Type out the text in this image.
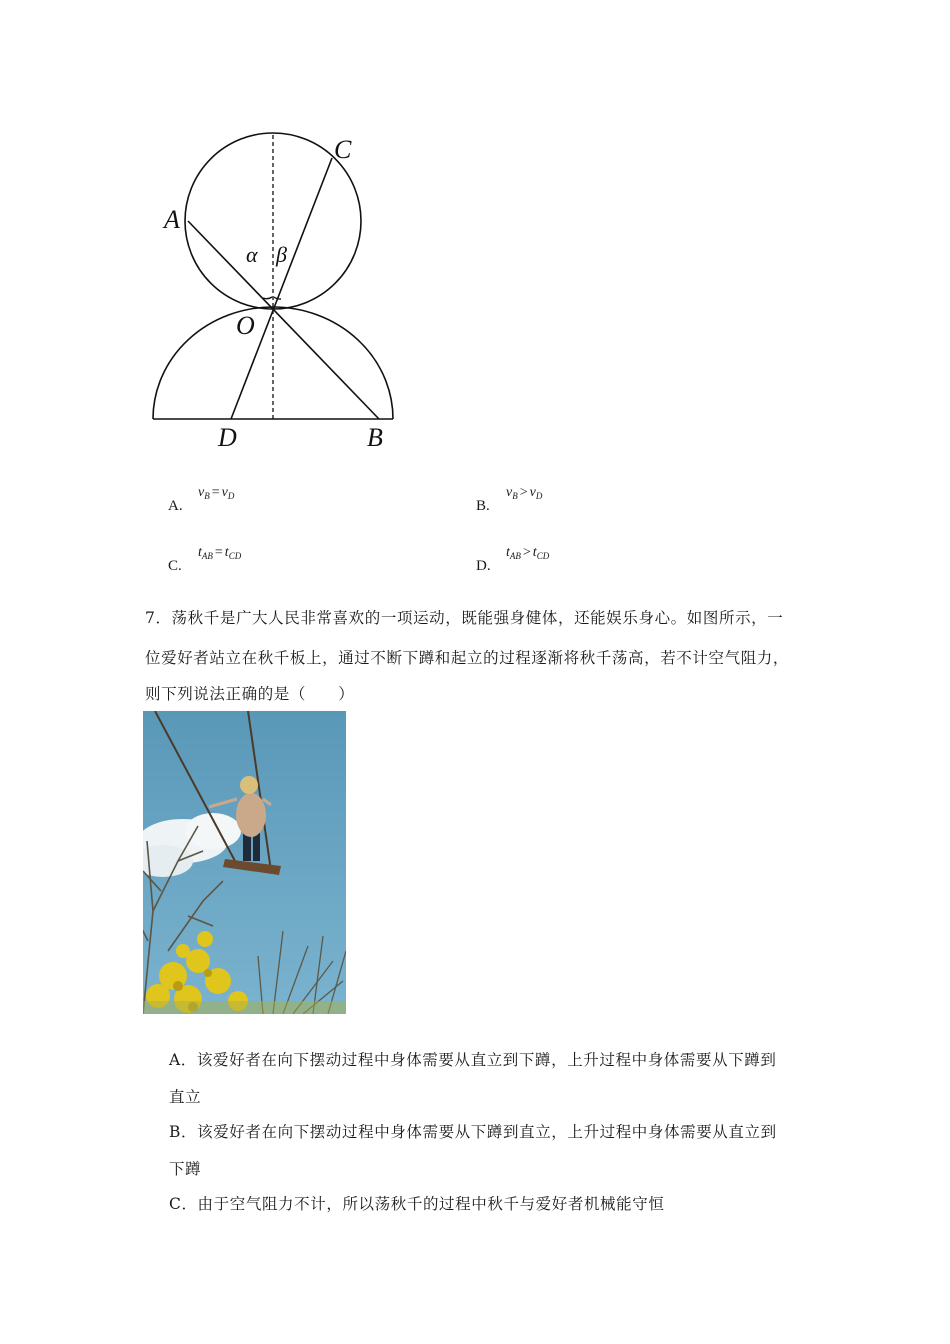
C
A
α β
O
D	B
A.
$v_B = v_D$
B.
$v_B > v_D$
C.
$t_{AB} = t_{CD}$
D.
$t_{AB} > t_{CD}$
7．荡秋千是广大人民非常喜欢的一项运动，既能强身健体，还能娱乐身心。如图所示，一
位爱好者站立在秋千板上，通过不断下蹲和起立的过程逐渐将秋千荡高，若不计空气阻力，
则下列说法正确的是（　　）
A．该爱好者在向下摆动过程中身体需要从直立到下蹲，上升过程中身体需要从下蹲到
直立
B．该爱好者在向下摆动过程中身体需要从下蹲到直立，上升过程中身体需要从直立到
下蹲
C．由于空气阻力不计，所以荡秋千的过程中秋千与爱好者机械能守恒
